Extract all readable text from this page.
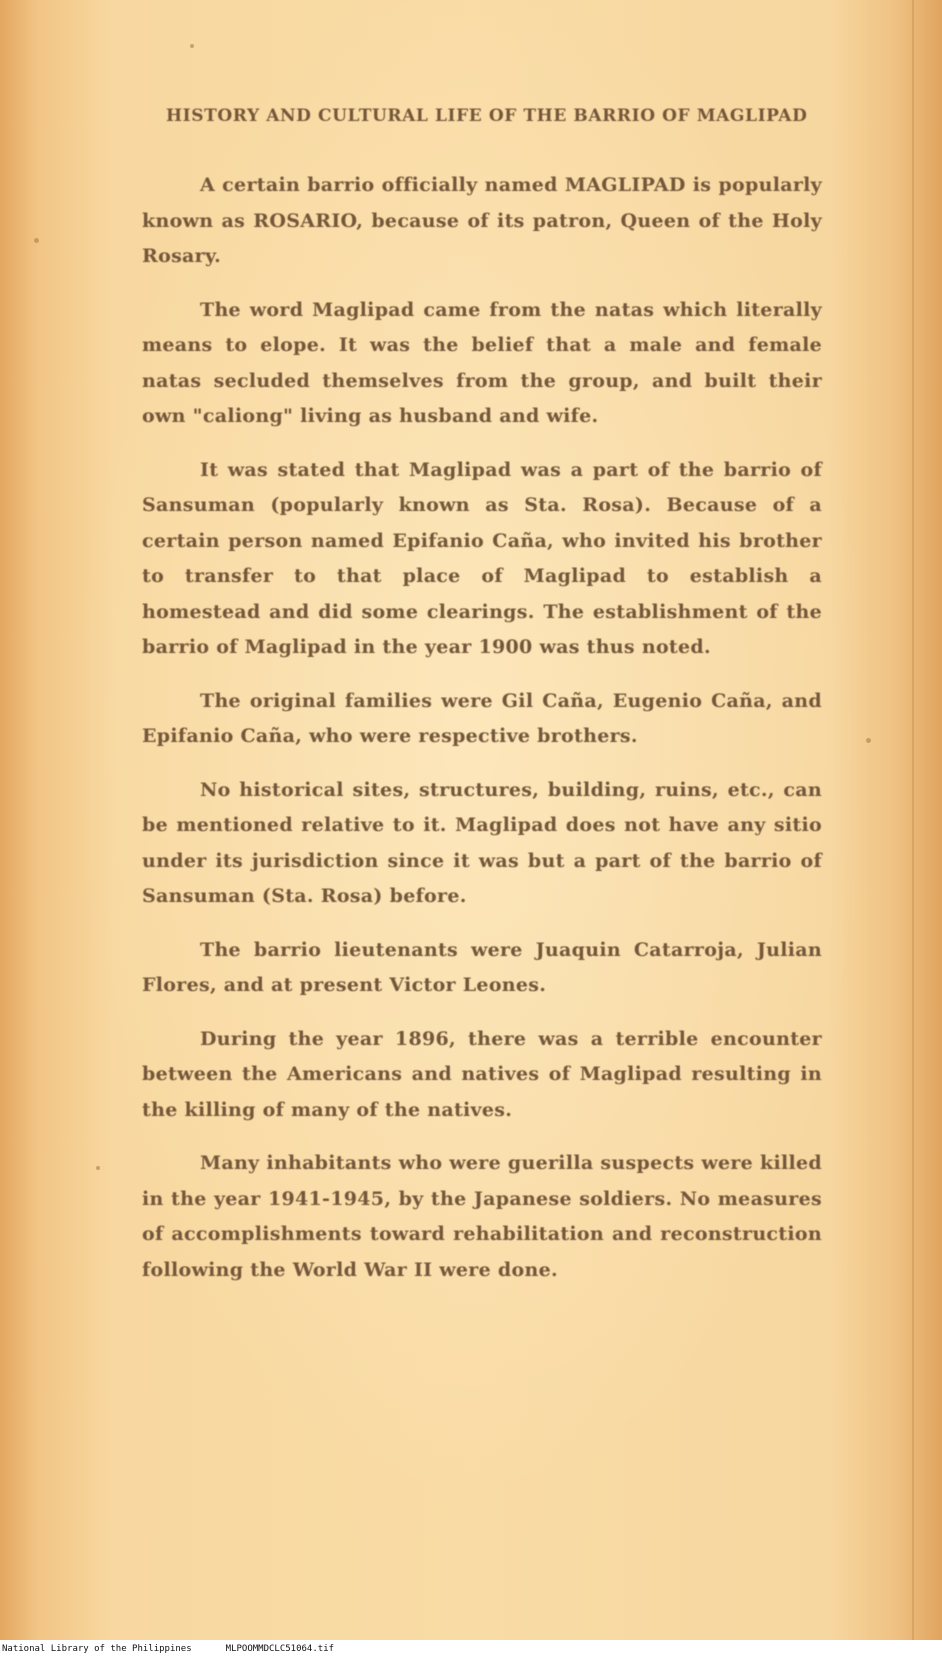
HISTORY AND CULTURAL LIFE OF THE BARRIO OF MAGLIPAD

A certain barrio officially named MAGLIPAD is popularly known as ROSARIO, because of its patron, Queen of the Holy Rosary.

The word Maglipad came from the natas which literally means to elope. It was the belief that a male and female natas secluded themselves from the group, and built their own "caliong" living as husband and wife.

It was stated that Maglipad was a part of the barrio of Sansuman (popularly known as Sta. Rosa). Because of a certain person named Epifanio Caña, who invited his brother to transfer to that place of Maglipad to establish a homestead and did some clearings. The establishment of the barrio of Maglipad in the year 1900 was thus noted.

The original families were Gil Caña, Eugenio Caña, and Epifanio Caña, who were respective brothers.

No historical sites, structures, building, ruins, etc., can be mentioned relative to it. Maglipad does not have any sitio under its jurisdiction since it was but a part of the barrio of Sansuman (Sta. Rosa) before.

The barrio lieutenants were Juaquin Catarroja, Julian Flores, and at present Victor Leones.

During the year 1896, there was a terrible encounter between the Americans and natives of Maglipad resulting in the killing of many of the natives.

Many inhabitants who were guerilla suspects were killed in the year 1941-1945, by the Japanese soldiers. No measures of accomplishments toward rehabilitation and reconstruction following the World War II were done.

National Library of the Philippines	MLPOOMMDCLC51064.tif
